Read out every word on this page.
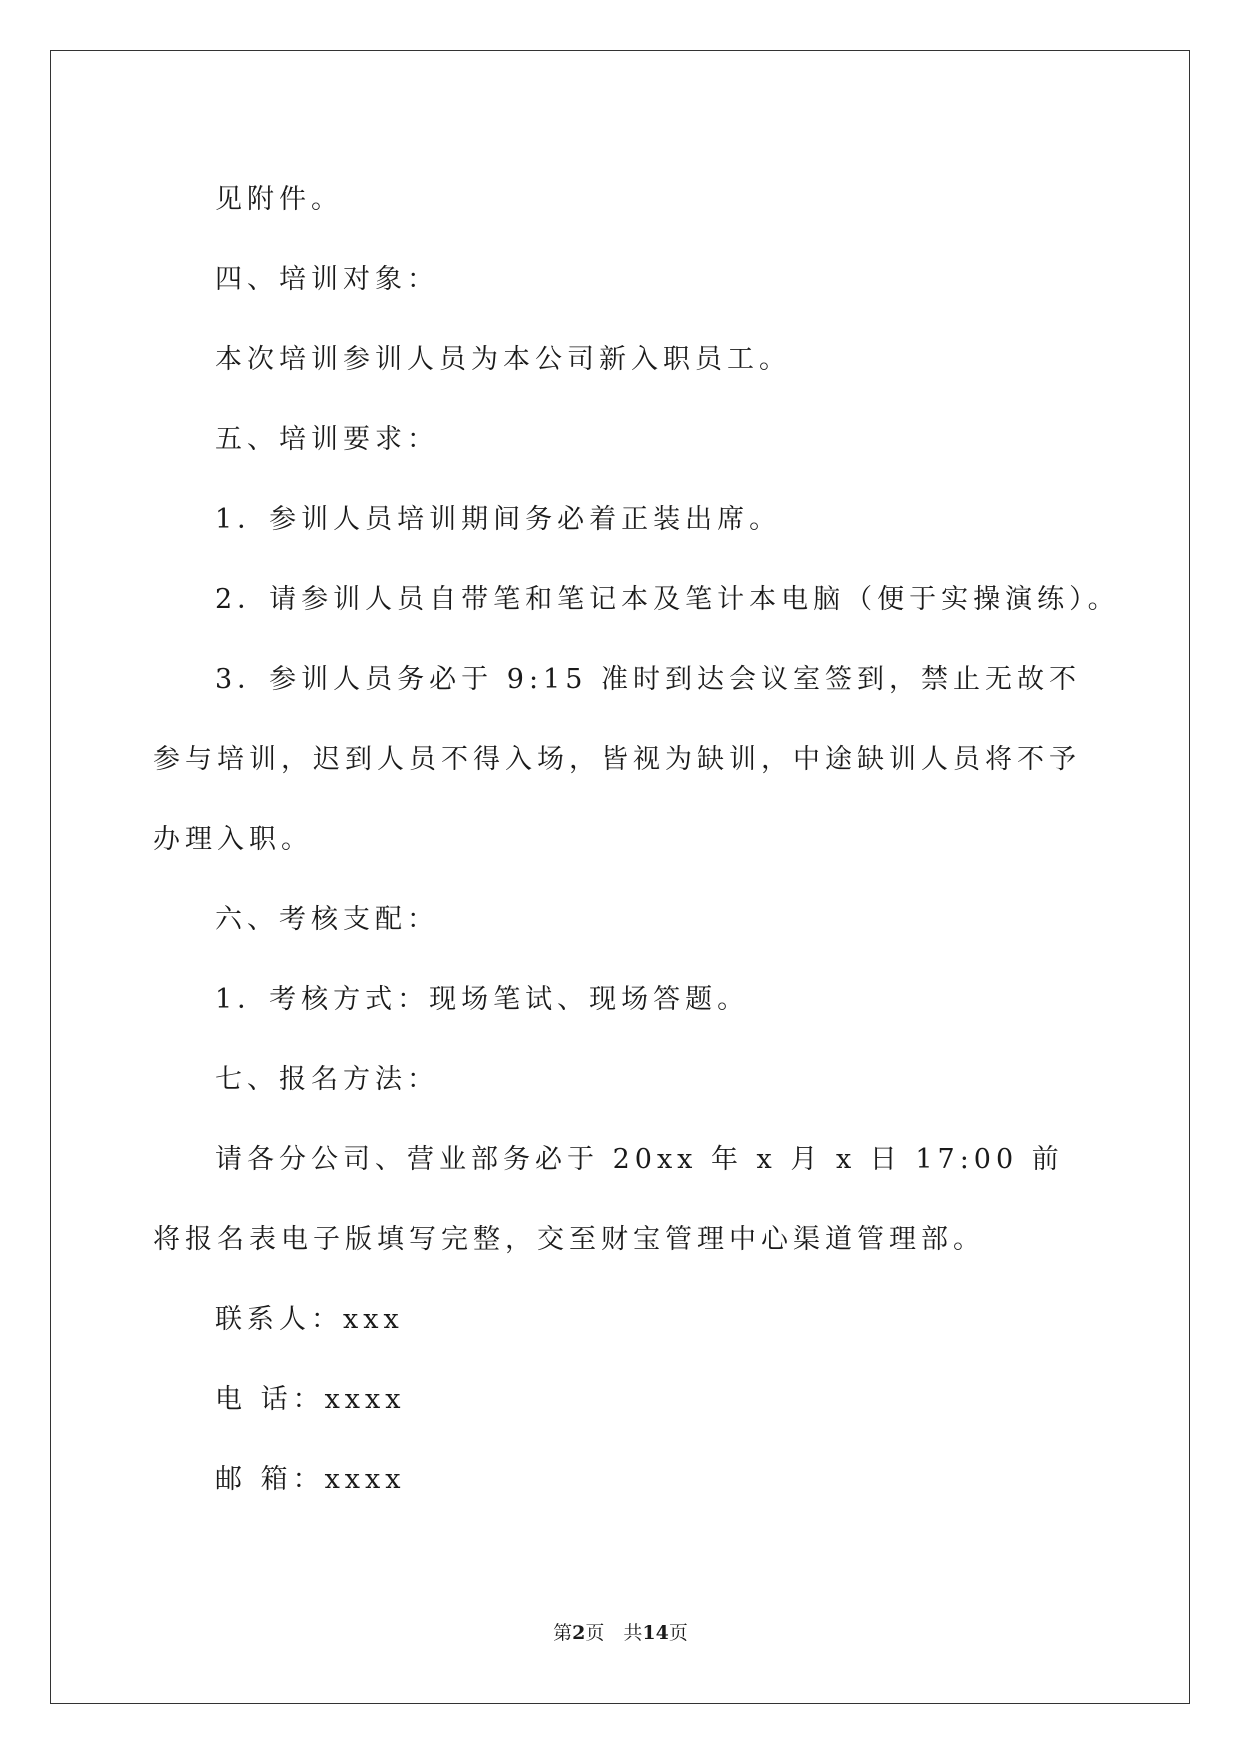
见附件。

四、培训对象：

本次培训参训人员为本公司新入职员工。

五、培训要求：

1．参训人员培训期间务必着正装出席。

2．请参训人员自带笔和笔记本及笔计本电脑（便于实操演练）。

3．参训人员务必于 9:15 准时到达会议室签到，禁止无故不参与培训，迟到人员不得入场，皆视为缺训，中途缺训人员将不予办理入职。

六、考核支配：

1．考核方式：现场笔试、现场答题。

七、报名方法：

请各分公司、营业部务必于 20xx 年 x 月 x 日 17:00 前将报名表电子版填写完整，交至财宝管理中心渠道管理部。

联系人：xxx

电 话：xxxx

邮 箱：xxxx

第2页　共14页
